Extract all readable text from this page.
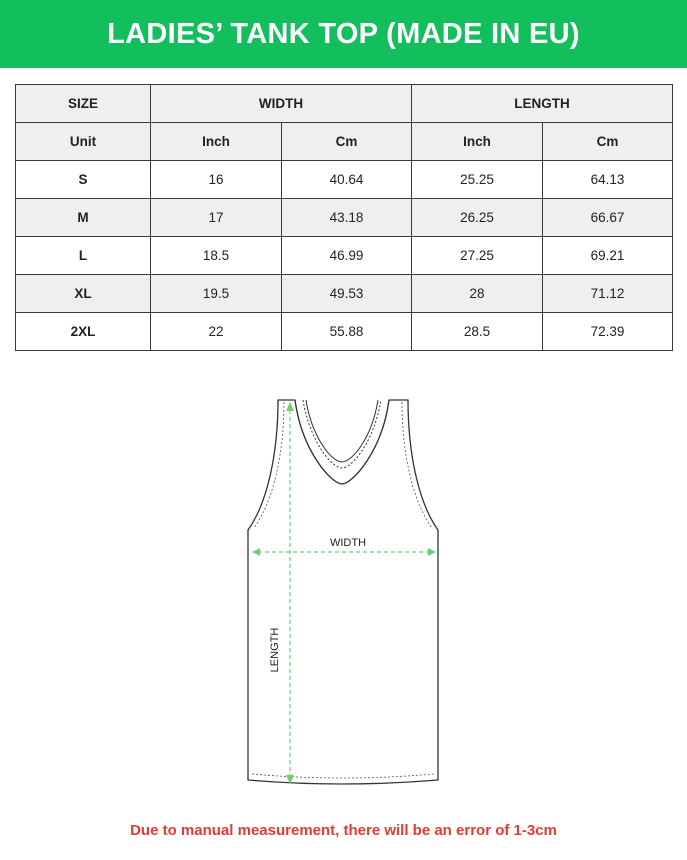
LADIES’ TANK TOP (MADE IN EU)
SIZE	WIDTH		LENGTH	
Unit	Inch	Cm	Inch	Cm
S	16	40.64	25.25	64.13
M	17	43.18	26.25	66.67
L	18.5	46.99	27.25	69.21
XL	19.5	49.53	28	71.12
2XL	22	55.88	28.5	72.39
WIDTH
LENGTH
Due to manual measurement, there will be an error of 1-3cm
